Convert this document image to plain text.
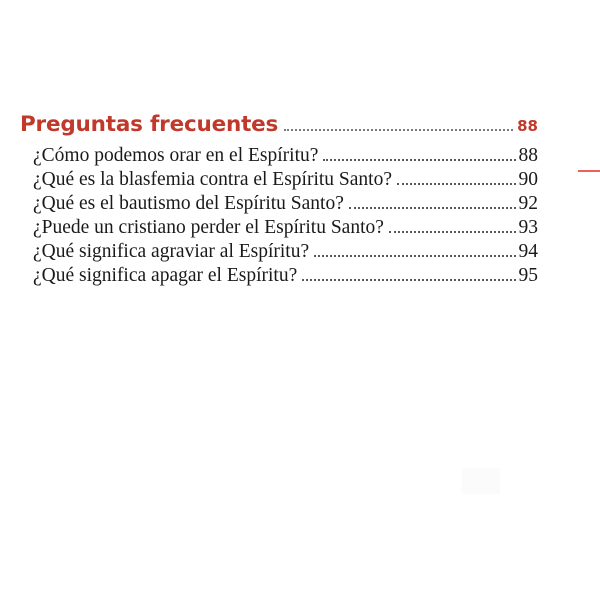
Preguntas frecuentes	88
¿Cómo podemos orar en el Espíritu?	88
¿Qué es la blasfemia contra el Espíritu Santo?	90
¿Qué es el bautismo del Espíritu Santo?	92
¿Puede un cristiano perder el Espíritu Santo?	93
¿Qué significa agraviar al Espíritu?	94
¿Qué significa apagar el Espíritu?	95
